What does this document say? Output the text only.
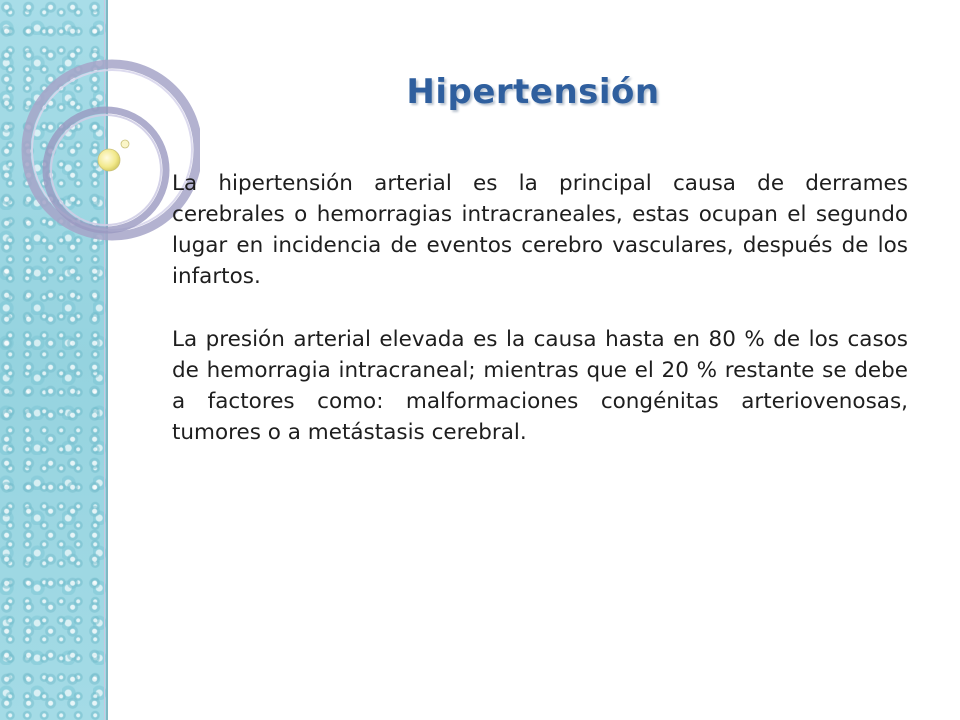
Hipertensión

La hipertensión arterial es la principal causa de derrames cerebrales o hemorragias intracraneales, estas ocupan el segundo lugar en incidencia de eventos cerebro vasculares, después de los infartos.

La presión arterial elevada es la causa hasta en 80 % de los casos de hemorragia intracraneal; mientras que el 20 % restante se debe a factores como: malformaciones congénitas arteriovenosas, tumores o a metástasis cerebral.
